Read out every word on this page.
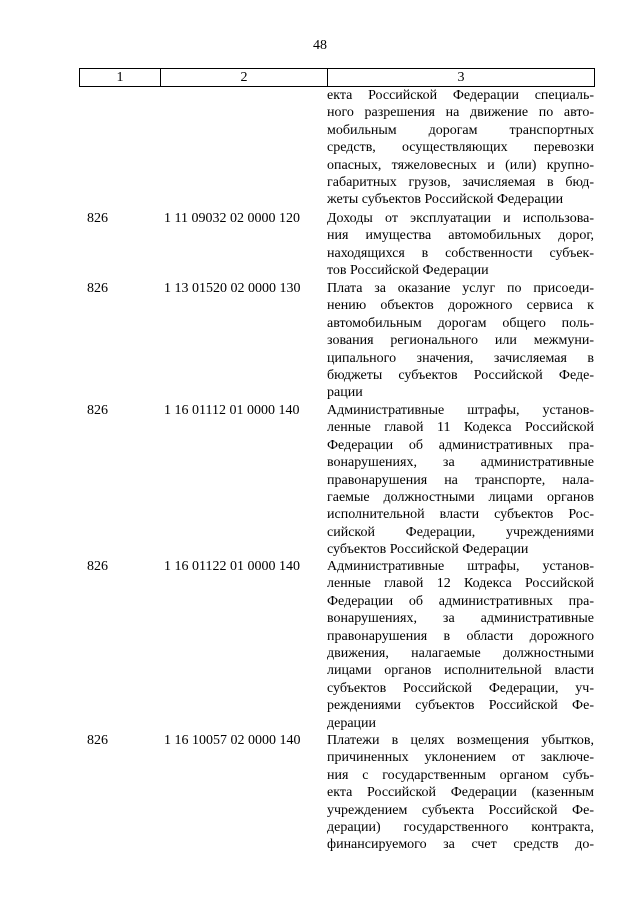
48
1	2	3
екта Российской Федерации специаль-
ного разрешения на движение по авто-
мобильным дорогам транспортных
средств, осуществляющих перевозки
опасных, тяжеловесных и (или) крупно-
габаритных грузов, зачисляемая в бюд-
жеты субъектов Российской Федерации
826	1 11 09032 02 0000 120 Доходы от эксплуатации и использова-
ния имущества автомобильных дорог,
находящихся в собственности субъек-
тов Российской Федерации
826	1 13 01520 02 0000 130 Плата за оказание услуг по присоеди-
нению объектов дорожного сервиса к
автомобильным дорогам общего поль-
зования регионального или межмуни-
ципального значения, зачисляемая в
бюджеты субъектов Российской Феде-
рации
826	1 16 01112 01 0000 140 Административные штрафы, установ-
ленные главой 11 Кодекса Российской
Федерации об административных пра-
вонарушениях, за административные
правонарушения на транспорте, нала-
гаемые должностными лицами органов
исполнительной власти субъектов Рос-
сийской Федерации, учреждениями
субъектов Российской Федерации
826	1 16 01122 01 0000 140 Административные штрафы, установ-
ленные главой 12 Кодекса Российской
Федерации об административных пра-
вонарушениях, за административные
правонарушения в области дорожного
движения, налагаемые должностными
лицами органов исполнительной власти
субъектов Российской Федерации, уч-
реждениями субъектов Российской Фе-
дерации
826	1 16 10057 02 0000 140 Платежи в целях возмещения убытков,
причиненных уклонением от заключе-
ния с государственным органом субъ-
екта Российской Федерации (казенным
учреждением субъекта Российской Фе-
дерации) государственного контракта,
финансируемого за счет средств до-
